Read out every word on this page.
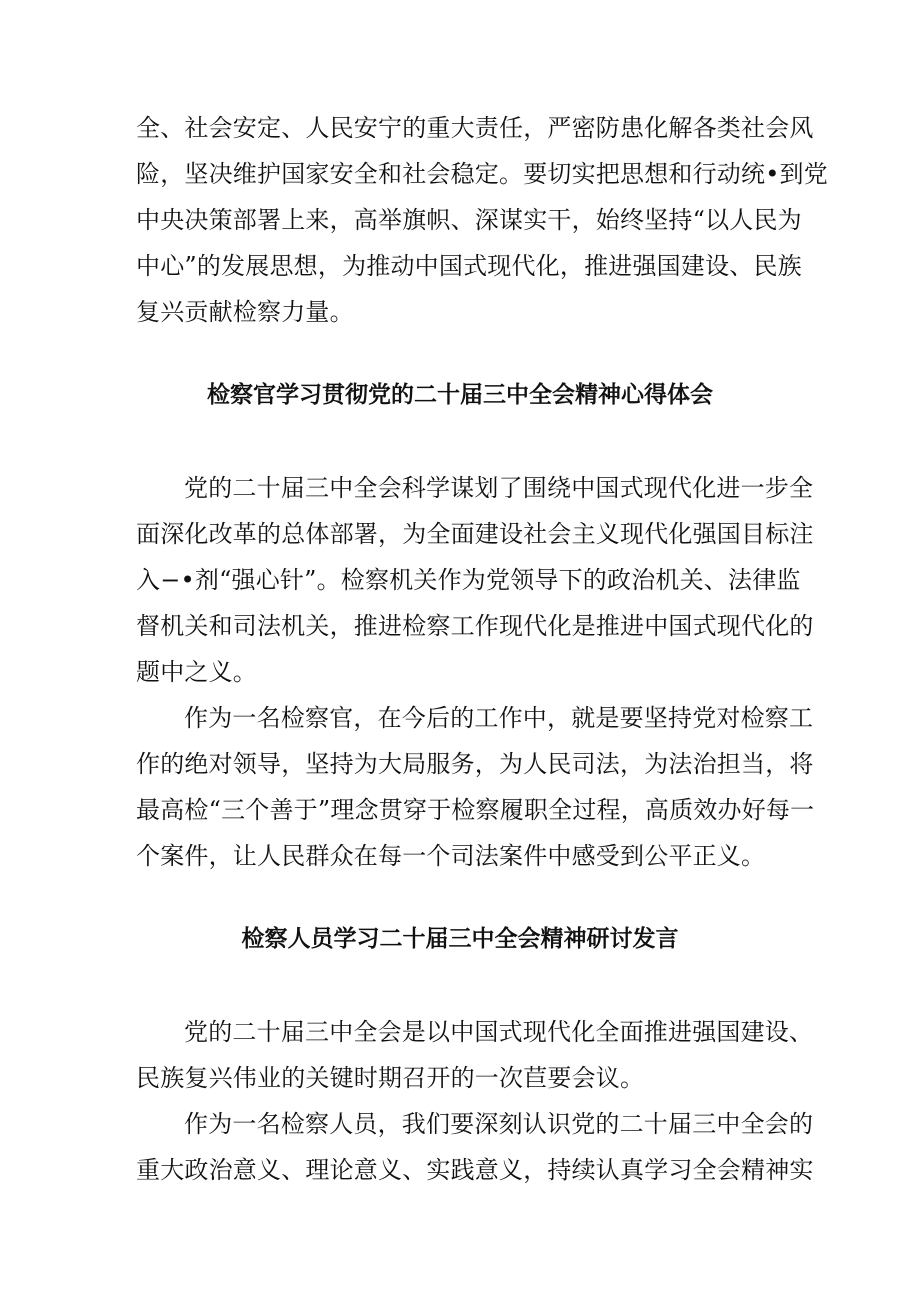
全、社会安定、人民安宁的重大责任，严密防患化解各类社会风
险，坚决维护国家安全和社会稳定。要切实把思想和行动统•到党
中央决策部署上来，高举旗帜、深谋实干，始终坚持“以人民为
中心”的发展思想，为推动中国式现代化，推进强国建设、民族
复兴贡献检察力量。
检察官学习贯彻党的二十届三中全会精神心得体会
党的二十届三中全会科学谋划了围绕中国式现代化进一步全
面深化改革的总体部署，为全面建设社会主义现代化强国目标注
入−•剂“强心针”。检察机关作为党领导下的政治机关、法律监
督机关和司法机关，推进检察工作现代化是推进中国式现代化的
题中之义。
作为一名检察官，在今后的工作中，就是要坚持党对检察工
作的绝对领导，坚持为大局服务，为人民司法，为法治担当，将
最高检“三个善于”理念贯穿于检察履职全过程，高质效办好每一
个案件，让人民群众在每一个司法案件中感受到公平正义。
检察人员学习二十届三中全会精神研讨发言
党的二十届三中全会是以中国式现代化全面推进强国建设、
民族复兴伟业的关键时期召开的一次苣要会议。
作为一名检察人员，我们要深刻认识党的二十届三中全会的
重大政治意义、理论意义、实践意义，持续认真学习全会精神实
